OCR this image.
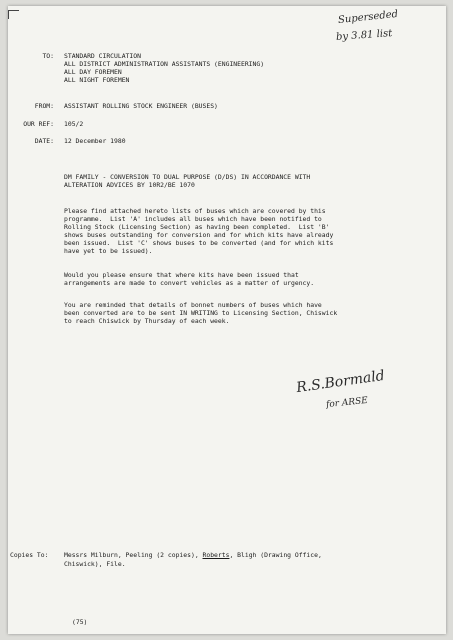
Superseded
by 3.81 list
TO: STANDARD CIRCULATION
ALL DISTRICT ADMINISTRATION ASSISTANTS (ENGINEERING)
ALL DAY FOREMEN
ALL NIGHT FOREMEN
FROM: ASSISTANT ROLLING STOCK ENGINEER (BUSES)
OUR REF: 105/2
DATE: 12 December 1980
DM FAMILY - CONVERSION TO DUAL PURPOSE (D/DS) IN ACCORDANCE WITH
ALTERATION ADVICES BY 10R2/BE 1070
Please find attached hereto lists of buses which are covered by this
programme.  List 'A' includes all buses which have been notified to
Rolling Stock (Licensing Section) as having been completed.  List 'B'
shows buses outstanding for conversion and for which kits have already
been issued.  List 'C' shows buses to be converted (and for which kits
have yet to be issued).
Would you please ensure that where kits have been issued that
arrangements are made to convert vehicles as a matter of urgency.
You are reminded that details of bonnet numbers of buses which have
been converted are to be sent IN WRITING to Licensing Section, Chiswick
to reach Chiswick by Thursday of each week.
R.S.Bormald
for ARSE
Copies To: Messrs Milburn, Peeling (2 copies), Roberts, Bligh (Drawing Office,
Chiswick), File.
(75)
